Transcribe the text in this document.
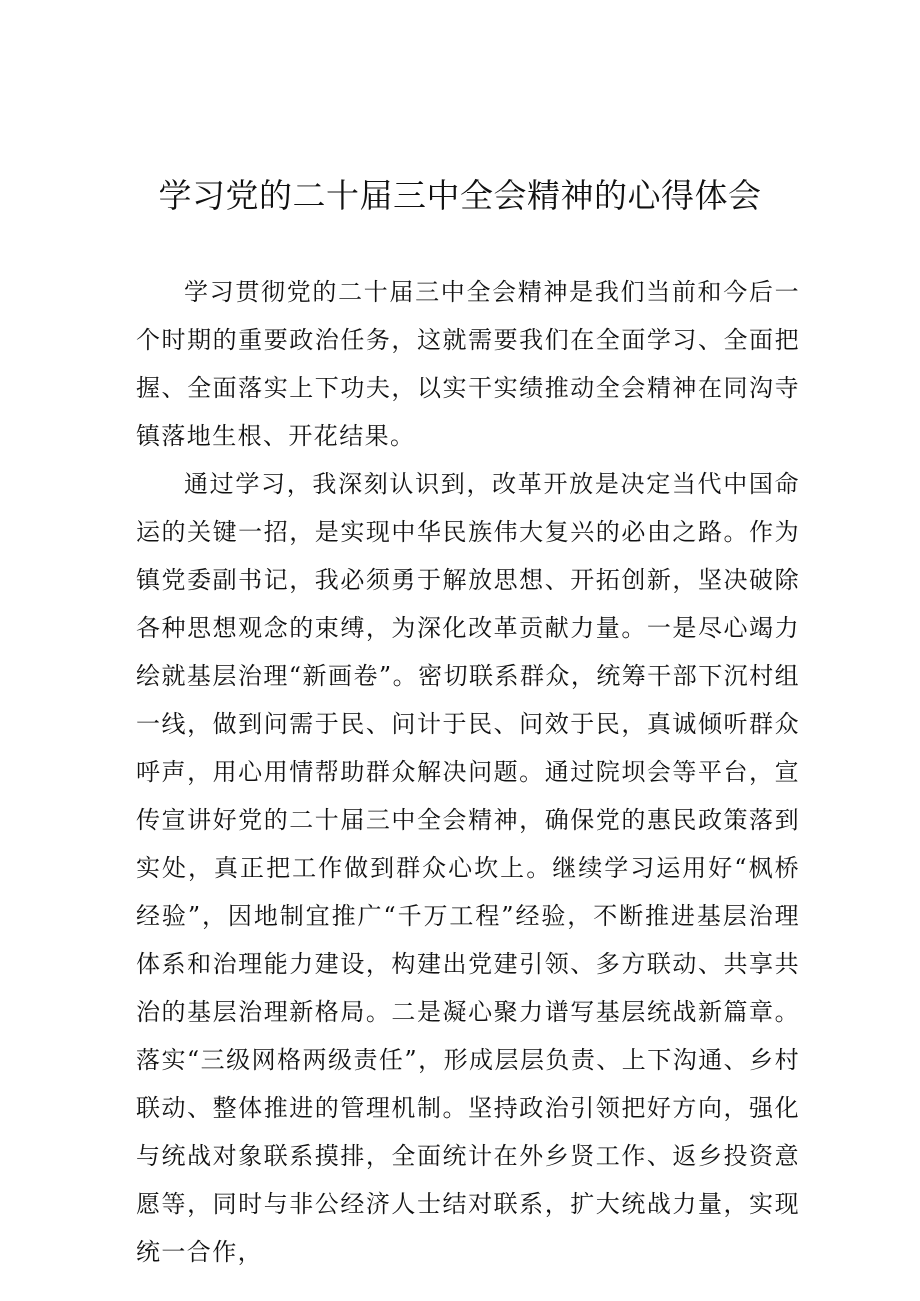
学习党的二十届三中全会精神的心得体会

学习贯彻党的二十届三中全会精神是我们当前和今后一个时期的重要政治任务，这就需要我们在全面学习、全面把握、全面落实上下功夫，以实干实绩推动全会精神在同沟寺镇落地生根、开花结果。

通过学习，我深刻认识到，改革开放是决定当代中国命运的关键一招，是实现中华民族伟大复兴的必由之路。作为镇党委副书记，我必须勇于解放思想、开拓创新，坚决破除各种思想观念的束缚，为深化改革贡献力量。一是尽心竭力绘就基层治理“新画卷”。密切联系群众，统筹干部下沉村组一线，做到问需于民、问计于民、问效于民，真诚倾听群众呼声，用心用情帮助群众解决问题。通过院坝会等平台，宣传宣讲好党的二十届三中全会精神，确保党的惠民政策落到实处，真正把工作做到群众心坎上。继续学习运用好“枫桥经验”，因地制宜推广“千万工程”经验，不断推进基层治理体系和治理能力建设，构建出党建引领、多方联动、共享共治的基层治理新格局。二是凝心聚力谱写基层统战新篇章。落实“三级网格两级责任”，形成层层负责、上下沟通、乡村联动、整体推进的管理机制。坚持政治引领把好方向，强化与统战对象联系摸排，全面统计在外乡贤工作、返乡投资意愿等，同时与非公经济人士结对联系，扩大统战力量，实现统一合作，
